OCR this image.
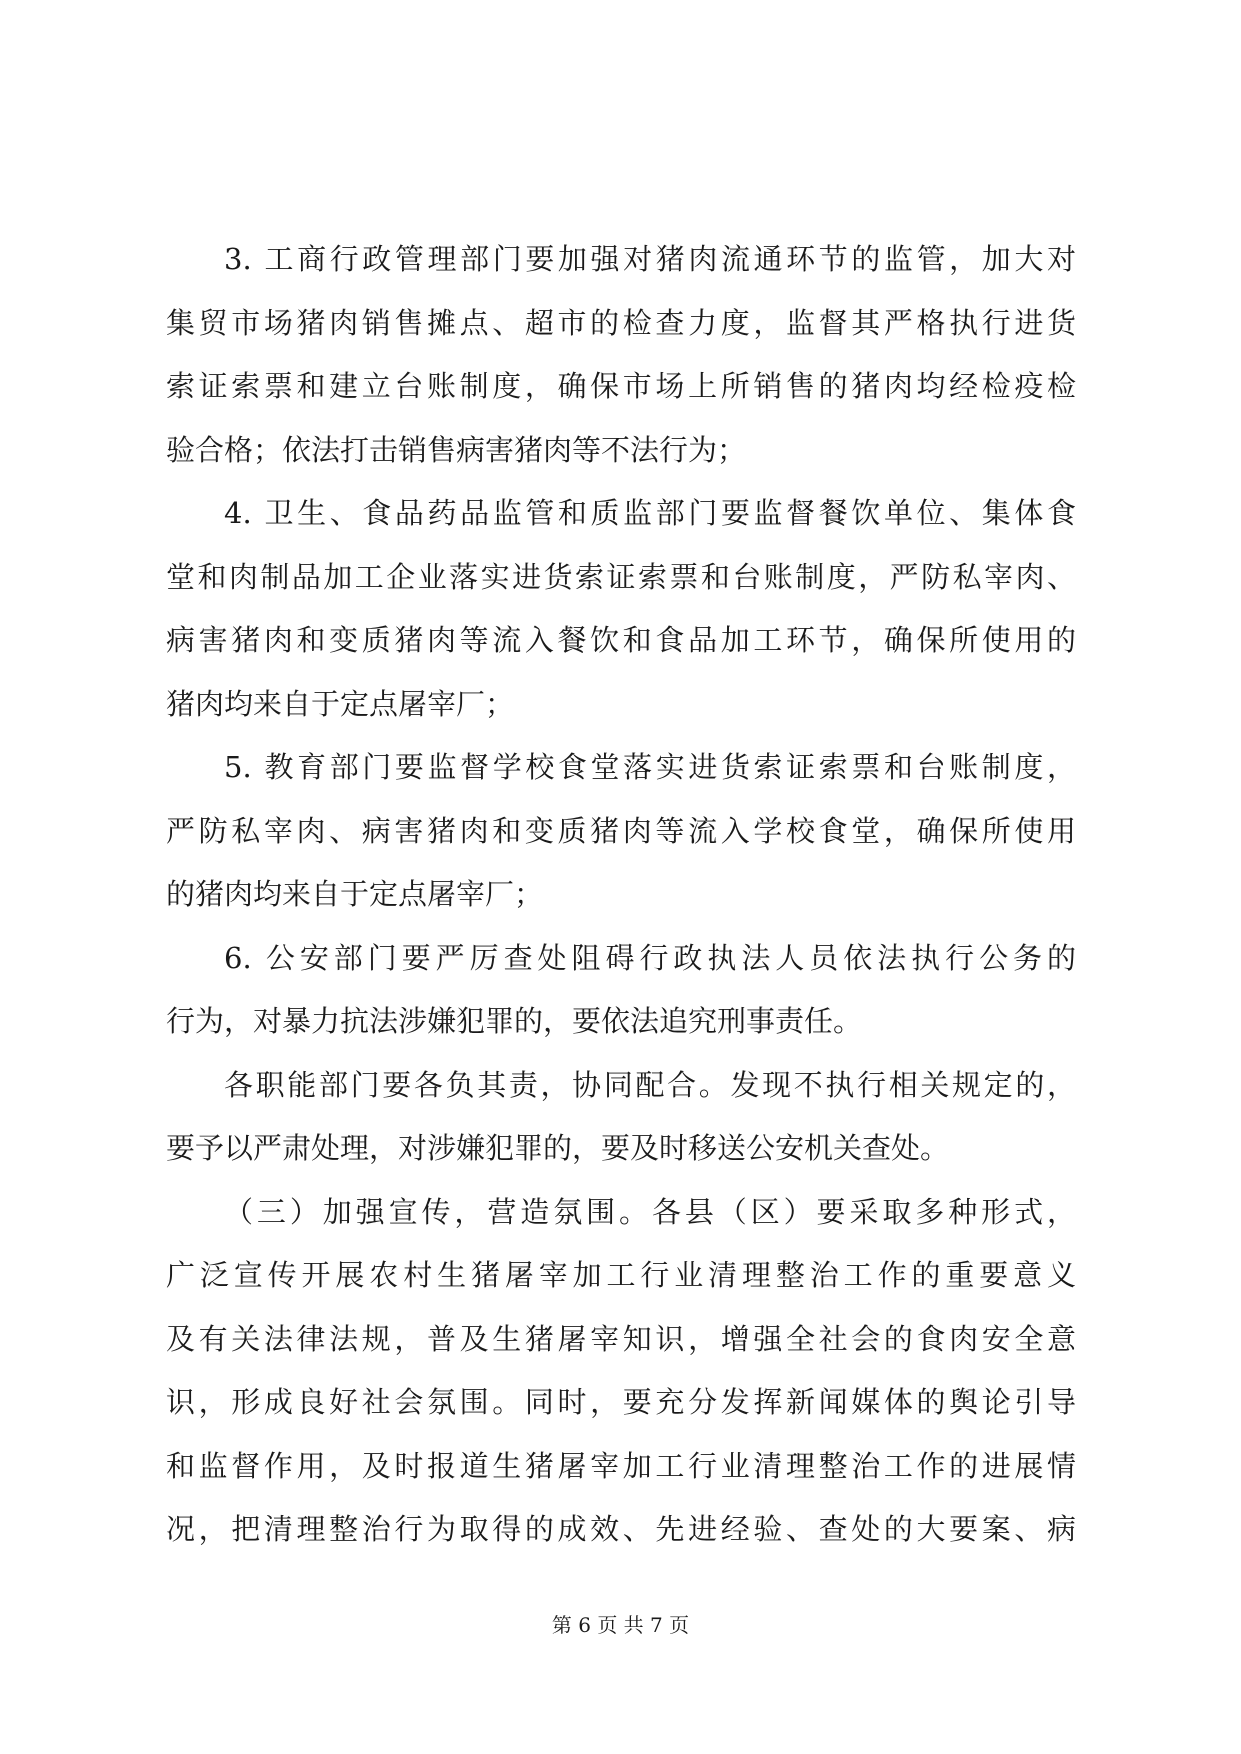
3. 工商行政管理部门要加强对猪肉流通环节的监管，加大对
集贸市场猪肉销售摊点、超市的检查力度，监督其严格执行进货
索证索票和建立台账制度，确保市场上所销售的猪肉均经检疫检
验合格；依法打击销售病害猪肉等不法行为；
4. 卫生、食品药品监管和质监部门要监督餐饮单位、集体食
堂和肉制品加工企业落实进货索证索票和台账制度，严防私宰肉、
病害猪肉和变质猪肉等流入餐饮和食品加工环节，确保所使用的
猪肉均来自于定点屠宰厂；
5. 教育部门要监督学校食堂落实进货索证索票和台账制度，
严防私宰肉、病害猪肉和变质猪肉等流入学校食堂，确保所使用
的猪肉均来自于定点屠宰厂；
6. 公安部门要严厉查处阻碍行政执法人员依法执行公务的
行为，对暴力抗法涉嫌犯罪的，要依法追究刑事责任。
各职能部门要各负其责，协同配合。发现不执行相关规定的，
要予以严肃处理，对涉嫌犯罪的，要及时移送公安机关查处。
（三）加强宣传，营造氛围。各县（区）要采取多种形式，
广泛宣传开展农村生猪屠宰加工行业清理整治工作的重要意义
及有关法律法规，普及生猪屠宰知识，增强全社会的食肉安全意
识，形成良好社会氛围。同时，要充分发挥新闻媒体的舆论引导
和监督作用，及时报道生猪屠宰加工行业清理整治工作的进展情
况，把清理整治行为取得的成效、先进经验、查处的大要案、病
第 6 页 共 7 页
